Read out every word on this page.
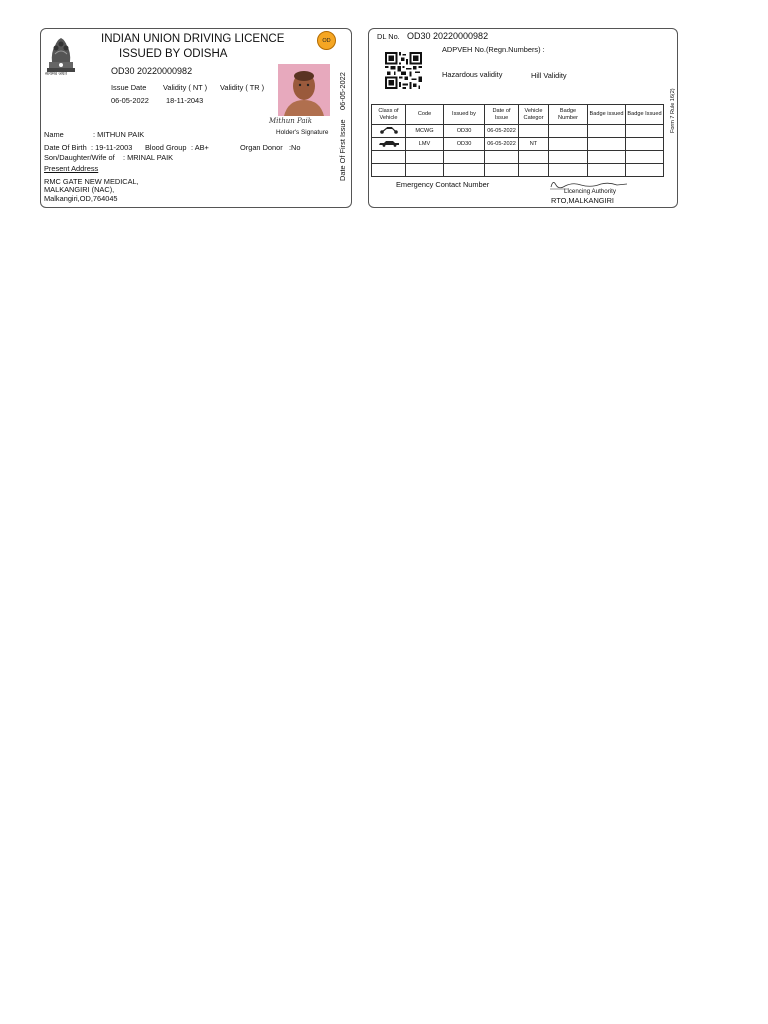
सत्यमेव जयते
INDIAN UNION DRIVING LICENCE
ISSUED BY ODISHA
OD
OD30 20220000982
Issue Date Validity ( NT ) Validity ( TR )
06-05-2022 18-11-2043
Mithun Paik
Holder's Signature Date Of First Issue
06-05-2022
Name	: MITHUN PAIK
Date Of Birth : 19-11-2003 Blood Group : AB+	Organ Donor :No
Son/Daughter/Wife of : MRINAL PAIK
Present Address
RMC GATE NEW MEDICAL,
MALKANGIRI (NAC),
Malkangiri,OD,764045
DL No. OD30 20220000982
ADPVEH No.(Regn.Numbers) :
Hazardous validity	Hill Validity
Form 7 Rule 16(2)
Class of Vehicle	Code	Issued by	Date of Issue	Vehicle Categor	Badge Number	Badge issued	Badge Issued
	MCWG	OD30	06-05-2022				
	LMV	OD30	06-05-2022	NT			

Emergency Contact Number
Licencing Authority
RTO,MALKANGIRI
